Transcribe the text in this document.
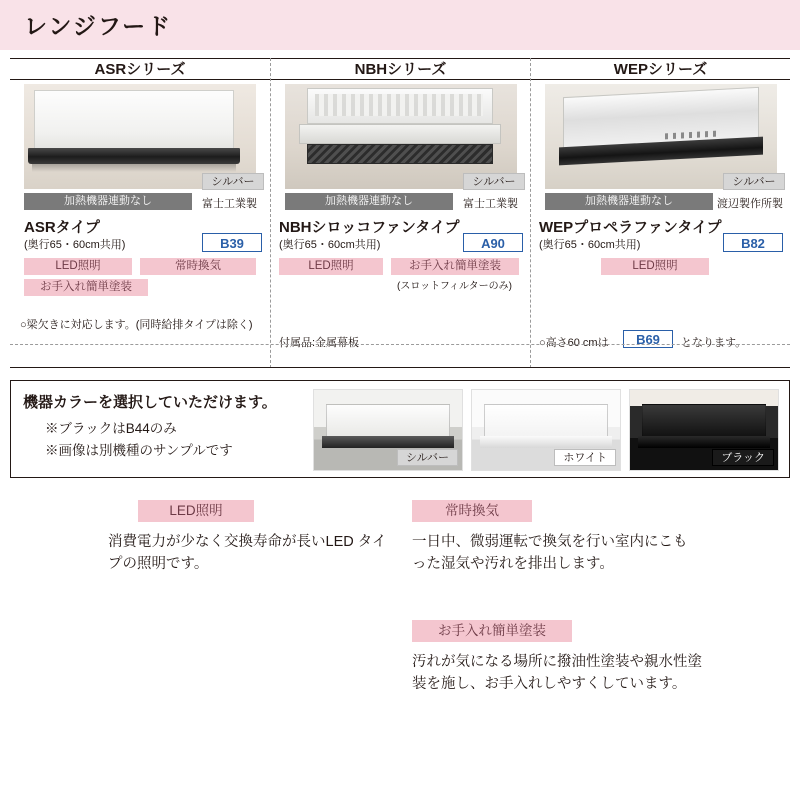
レンジフード
ASRシリーズ
シルバー
加熱機器連動なし	富士工業製
ASRタイプ
(奥行65・60cm共用)	B39
LED照明	常時換気
お手入れ簡単塗装
○梁欠きに対応します。(同時給排タイプは除く)
NBHシリーズ
シルバー
加熱機器連動なし	富士工業製
NBHシロッコファンタイプ
(奥行65・60cm共用)	A90
LED照明	お手入れ簡単塗装
(スロットフィルターのみ)
付属品:金属幕板
WEPシリーズ
シルバー
加熱機器連動なし	渡辺製作所製
WEPプロペラファンタイプ
(奥行65・60cm共用)	B82
LED照明
○高さ60 cmは	B69	となります。
機器カラーを選択していただけます。
※ブラックはB44のみ
※画像は別機種のサンプルです	シルバー	ホワイト	ブラック
LED照明
消費電力が少なく交換寿命が長いLED タイプの照明です。
常時換気
一日中、微弱運転で換気を行い室内にこもった湿気や汚れを排出します。
お手入れ簡単塗装
汚れが気になる場所に撥油性塗装や親水性塗装を施し、お手入れしやすくしています。
